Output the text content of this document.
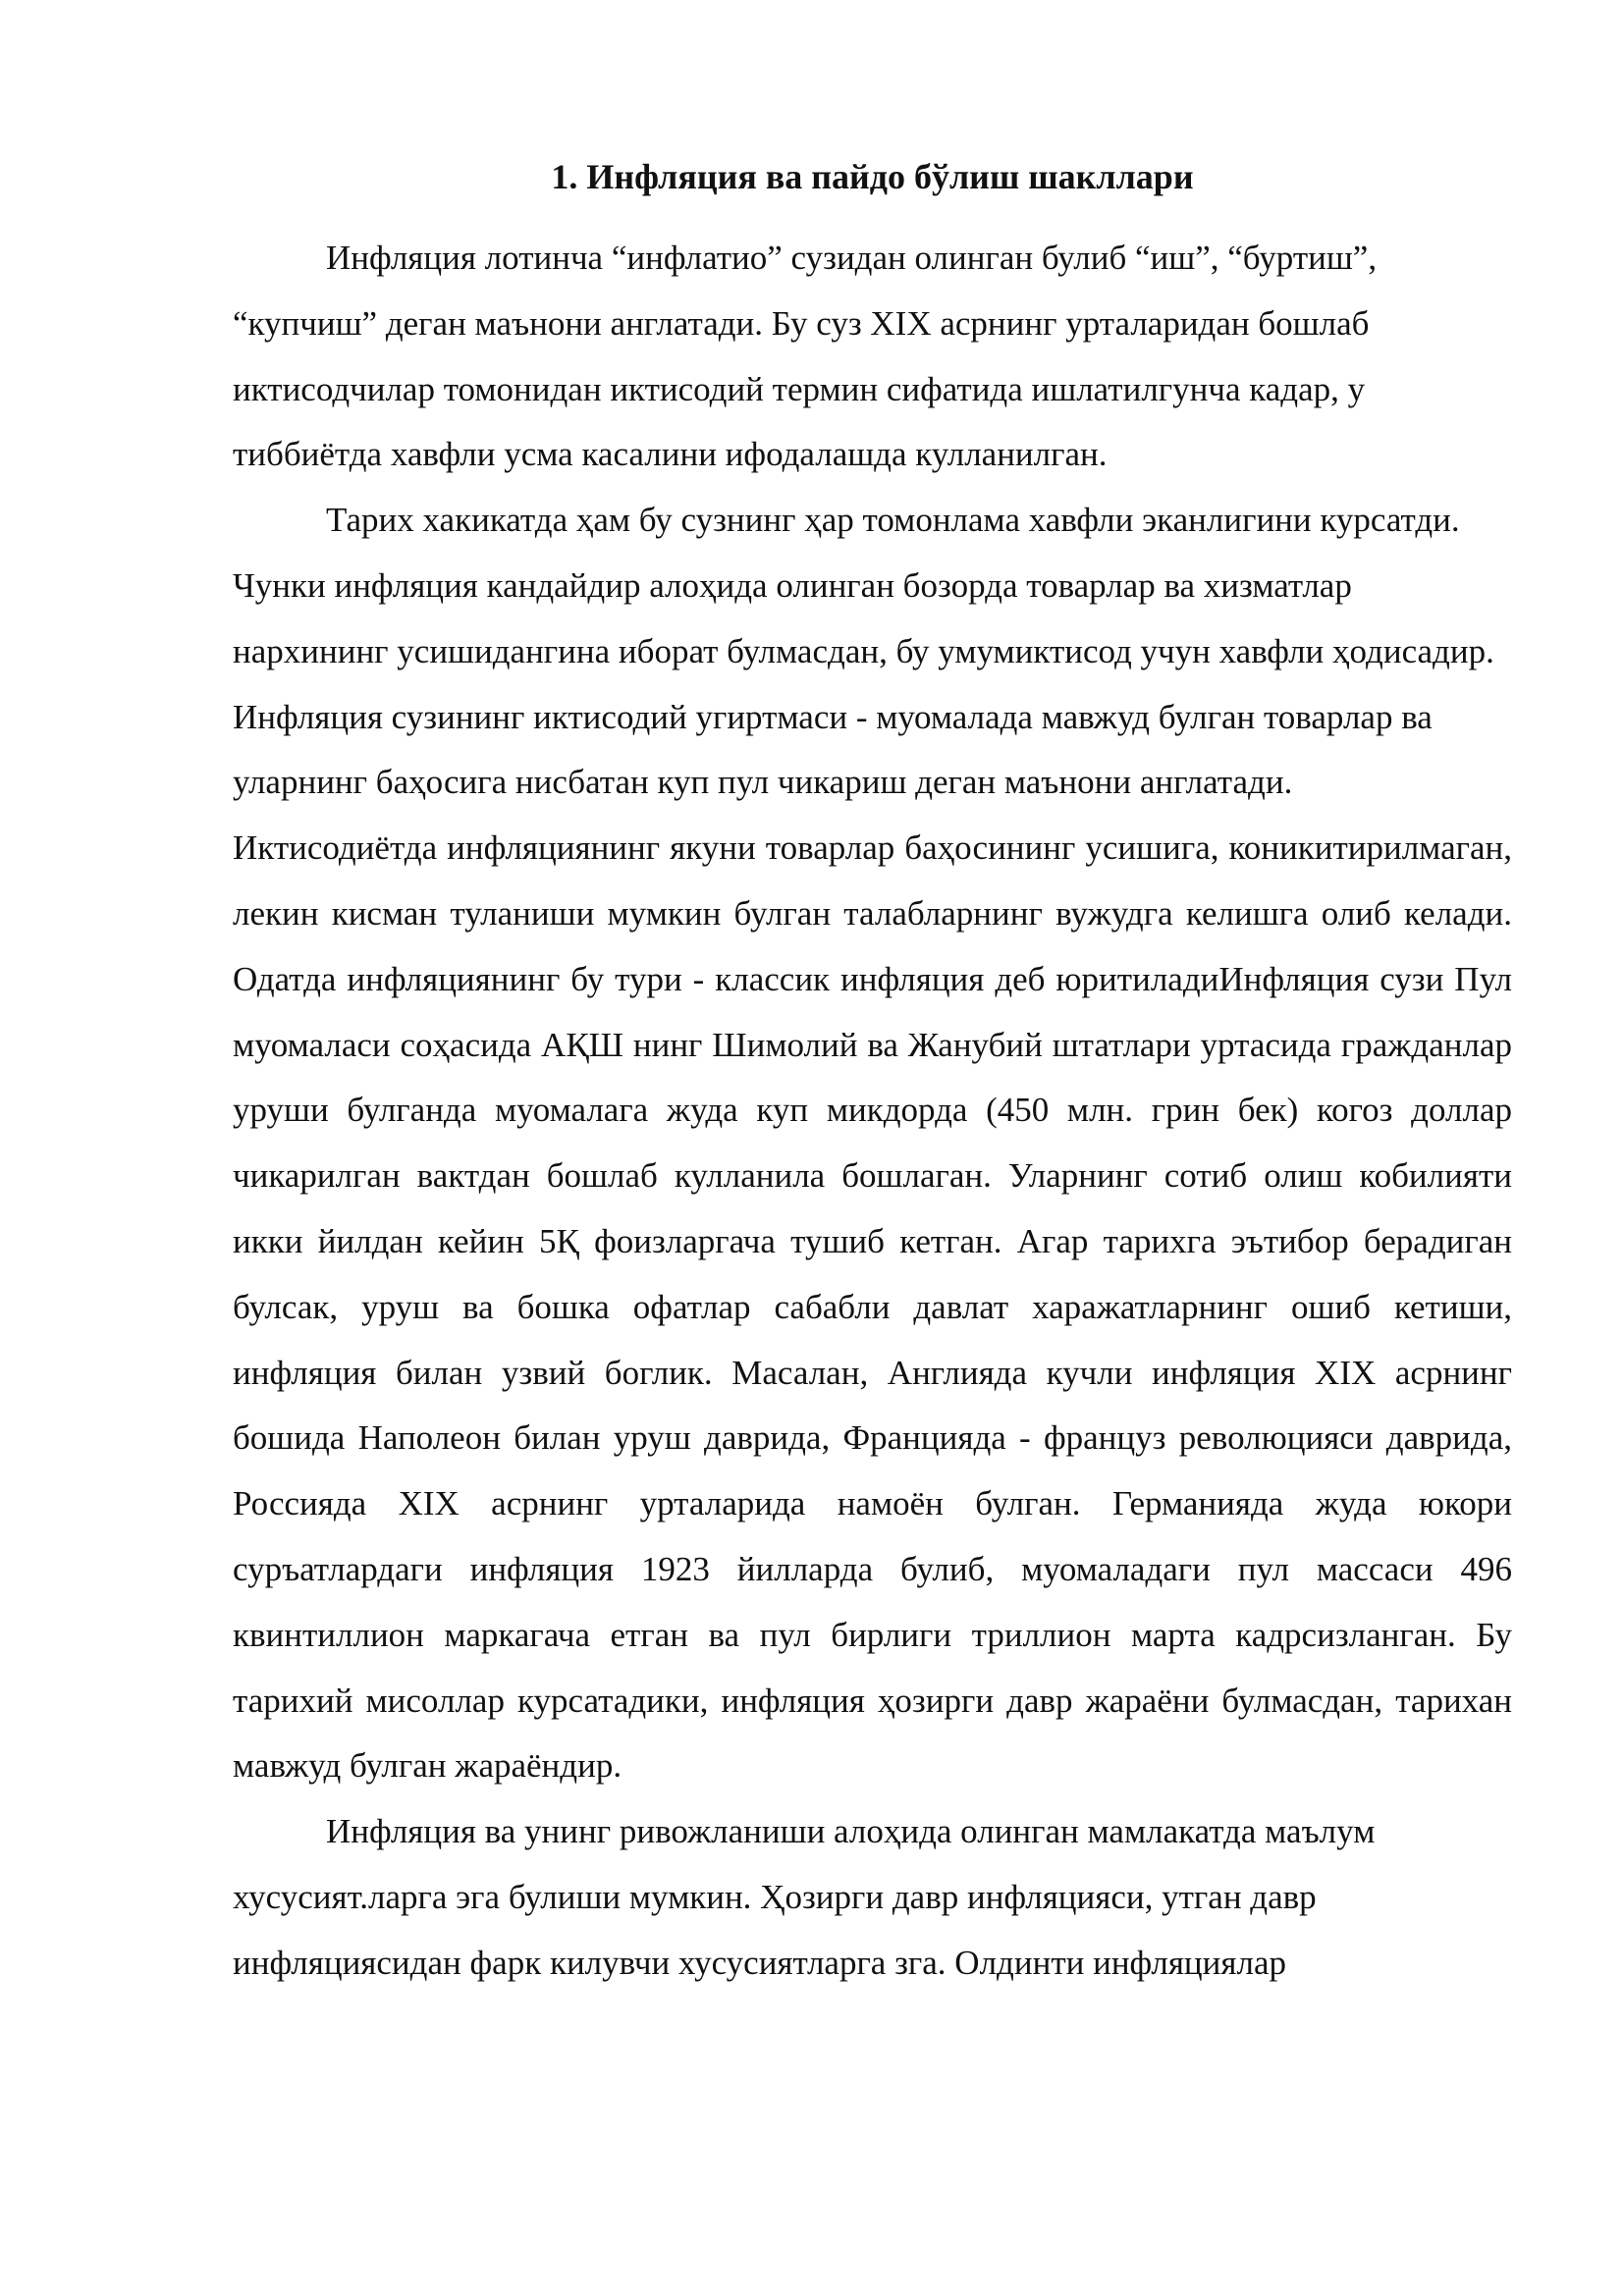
1. Инфляция ва пайдо бўлиш шакллари

Инфляция лотинча “инфлатио” сузидан олинган булиб “иш”, “буртиш”, “купчиш” деган маънони англатади. Бу суз XIX асрнинг урталаридан бошлаб иктисодчилар томонидан иктисодий термин сифатида ишлатилгунча кадар, у тиббиётда хавфли усма касалини ифодалашда кулланилган.

Тарих хакикатда ҳам бу сузнинг ҳар томонлама хавфли эканлигини курсатди. Чунки инфляция кандайдир алоҳида олинган бозорда товарлар ва хизматлар нархининг усишидангина иборат булмасдан, бу умумиктисод учун хавфли ҳодисадир. Инфляция сузининг иктисодий угиртмаси - муомалада мавжуд булган товарлар ва уларнинг баҳосига нисбатан куп пул чикариш деган маънони англатади.

Иктисодиётда инфляциянинг якуни товарлар баҳосининг усишига, коникитирилмаган, лекин кисман туланиши мумкин булган талабларнинг вужудга келишга олиб келади. Одатда инфляциянинг бу тури - классик инфляция деб юритиладиИнфляция сузи Пул муомаласи соҳасида АҚШ нинг Шимолий ва Жанубий штатлари уртасида гражданлар уруши булганда муомалага жуда куп микдорда (450 млн. грин бек) когоз доллар чикарилган вактдан бошлаб кулланила бошлаган. Уларнинг сотиб олиш кобилияти икки йилдан кейин 5Қ фоизларгача тушиб кетган. Агар тарихга эътибор берадиган булсак, уруш ва бошка офатлар сабабли давлат харажатларнинг ошиб кетиши, инфляция билан узвий боглик. Масалан, Англияда кучли инфляция XIX асрнинг бошида Наполеон билан уруш даврида, Францияда - француз революцияси даврида, Россияда XIX асрнинг урталарида намоён булган. Германияда жуда юкори суръатлардаги инфляция 1923 йилларда булиб, муомаладаги пул массаси 496 квинтиллион маркагача етган ва пул бирлиги триллион марта кадрсизланган. Бу тарихий мисоллар курсатадики, инфляция ҳозирги давр жараёни булмасдан, тарихан мавжуд булган жараёндир.

Инфляция ва унинг ривожланиши алоҳида олинган мамлакатда маълум хусусият.ларга эга булиши мумкин. Ҳозирги давр инфляцияси, утган давр инфляциясидан фарк килувчи хусусиятларга зга. Олдинти инфляциялар
